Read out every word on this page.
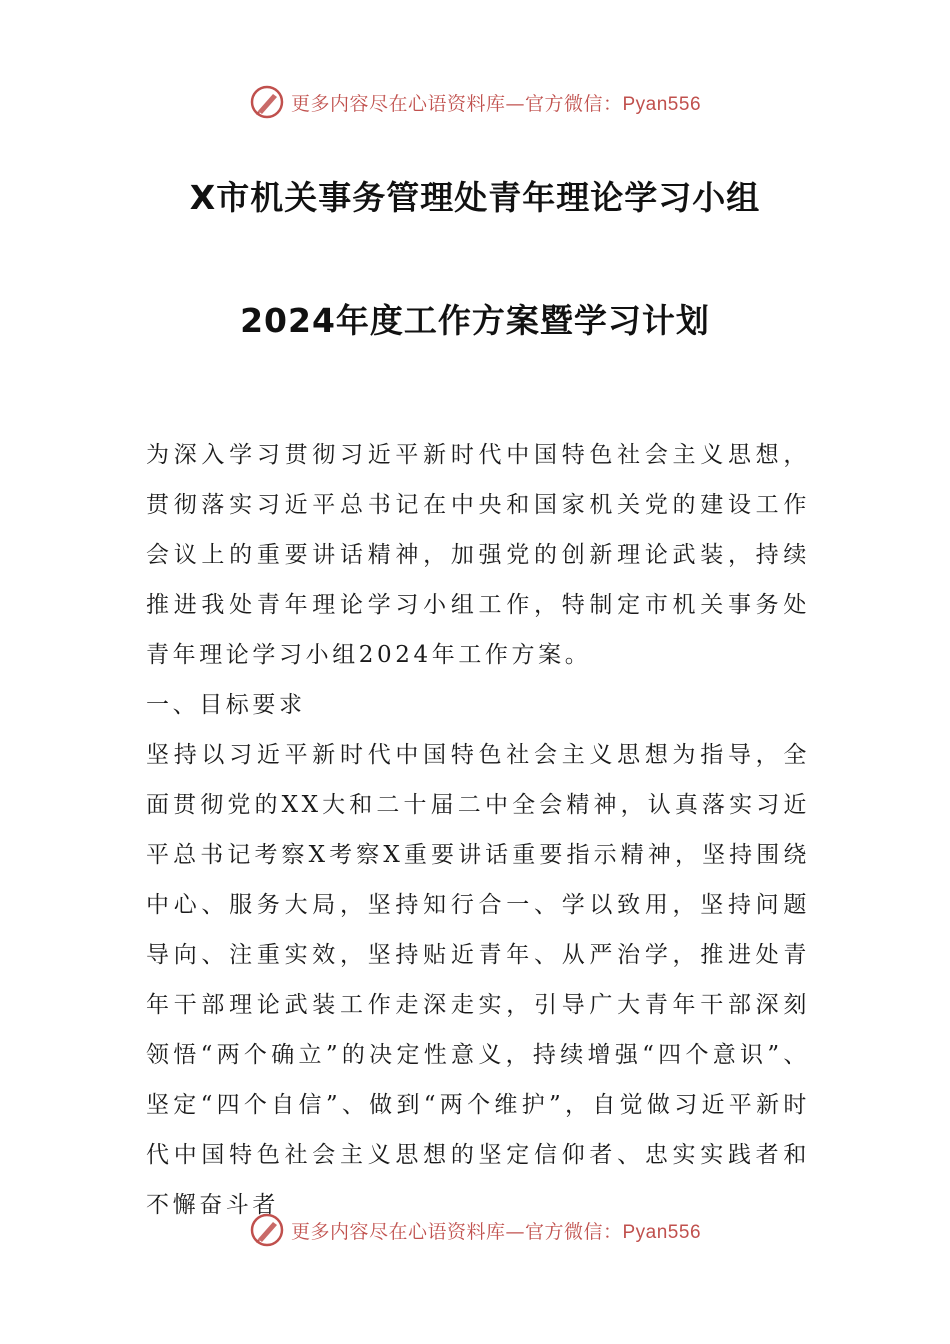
更多内容尽在心语资料库—官方微信：Pyan556
X市机关事务管理处青年理论学习小组
2024年度工作方案暨学习计划

为深入学习贯彻习近平新时代中国特色社会主义思想，贯彻落实习近平总书记在中央和国家机关党的建设工作会议上的重要讲话精神，加强党的创新理论武装，持续推进我处青年理论学习小组工作，特制定市机关事务处青年理论学习小组2024年工作方案。

一、目标要求

坚持以习近平新时代中国特色社会主义思想为指导，全面贯彻党的XX大和二十届二中全会精神，认真落实习近平总书记考察X考察X重要讲话重要指示精神，坚持围绕中心、服务大局，坚持知行合一、学以致用，坚持问题导向、注重实效，坚持贴近青年、从严治学，推进处青年干部理论武装工作走深走实，引导广大青年干部深刻领悟“两个确立”的决定性意义，持续增强“四个意识”、坚定“四个自信”、做到“两个维护”，自觉做习近平新时代中国特色社会主义思想的坚定信仰者、忠实实践者和不懈奋斗者

更多内容尽在心语资料库—官方微信：Pyan556
